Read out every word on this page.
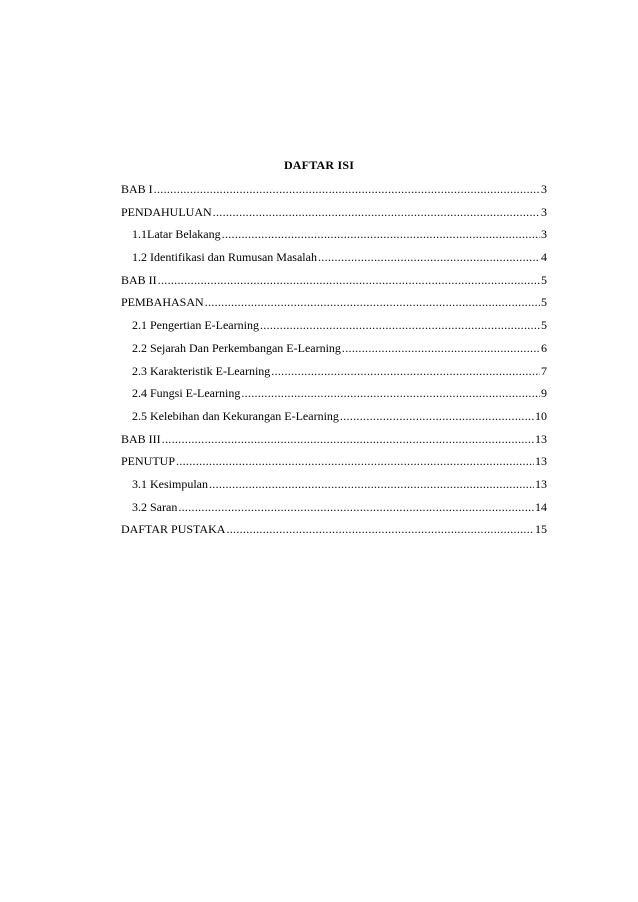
DAFTAR ISI
BAB I .....	3
PENDAHULUAN .....	3
1.1Latar Belakang .....	3
1.2 Identifikasi dan Rumusan Masalah .....	4
BAB II .....	5
PEMBAHASAN .....	5
2.1 Pengertian E-Learning .....	5
2.2 Sejarah Dan Perkembangan E-Learning .....	6
2.3 Karakteristik E-Learning .....	7
2.4 Fungsi E-Learning .....	9
2.5 Kelebihan dan Kekurangan E-Learning .....	10
BAB III .....	13
PENUTUP .....	13
3.1 Kesimpulan .....	13
3.2 Saran .....	14
DAFTAR PUSTAKA .....	15
